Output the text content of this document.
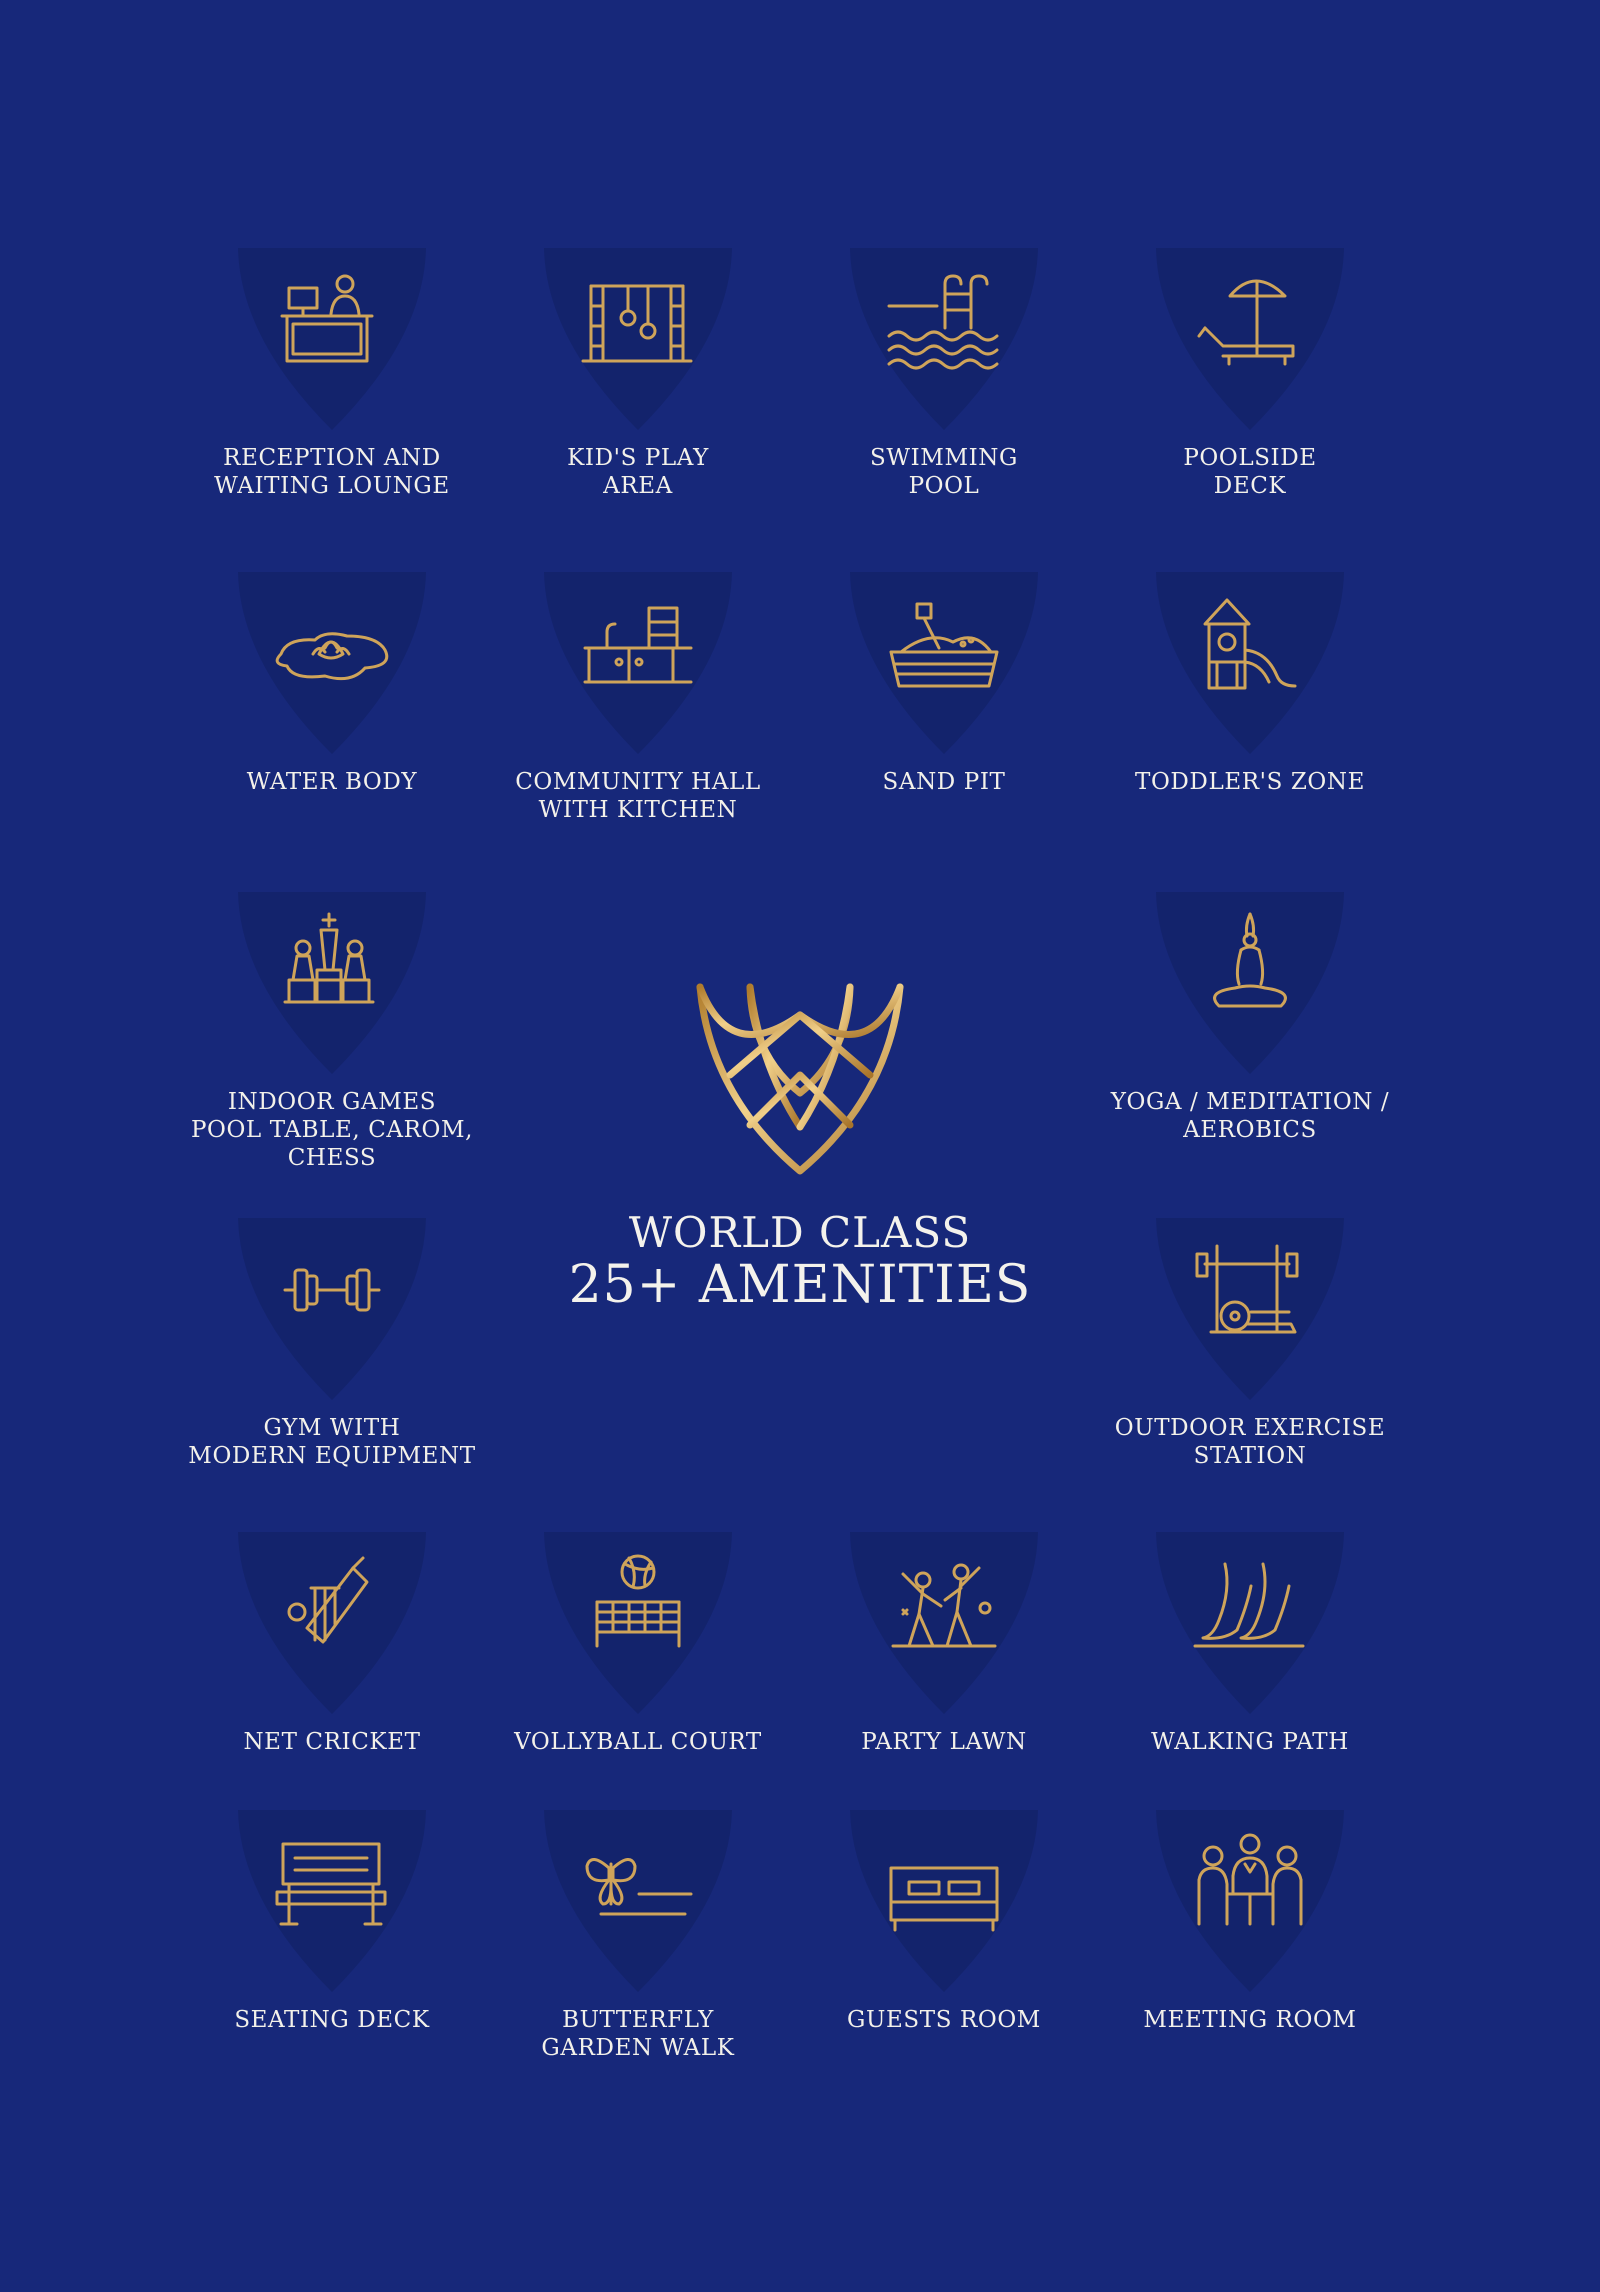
WORLD CLASS
25+ AMENITIES
RECEPTION AND
WAITING LOUNGE
KID'S PLAY
AREA
SWIMMING
POOL
POOLSIDE
DECK
WATER BODY	COMMUNITY HALL
WITH KITCHEN
SAND PIT	TODDLER'S ZONE
INDOOR GAMES
POOL TABLE, CAROM, CHESS
YOGA / MEDITATION /
AEROBICS
GYM WITH
MODERN EQUIPMENT
OUTDOOR EXERCISE
STATION
NET CRICKET	VOLLYBALL COURT	PARTY LAWN	WALKING PATH
SEATING DECK	BUTTERFLY
GARDEN WALK
GUESTS ROOM	MEETING ROOM
